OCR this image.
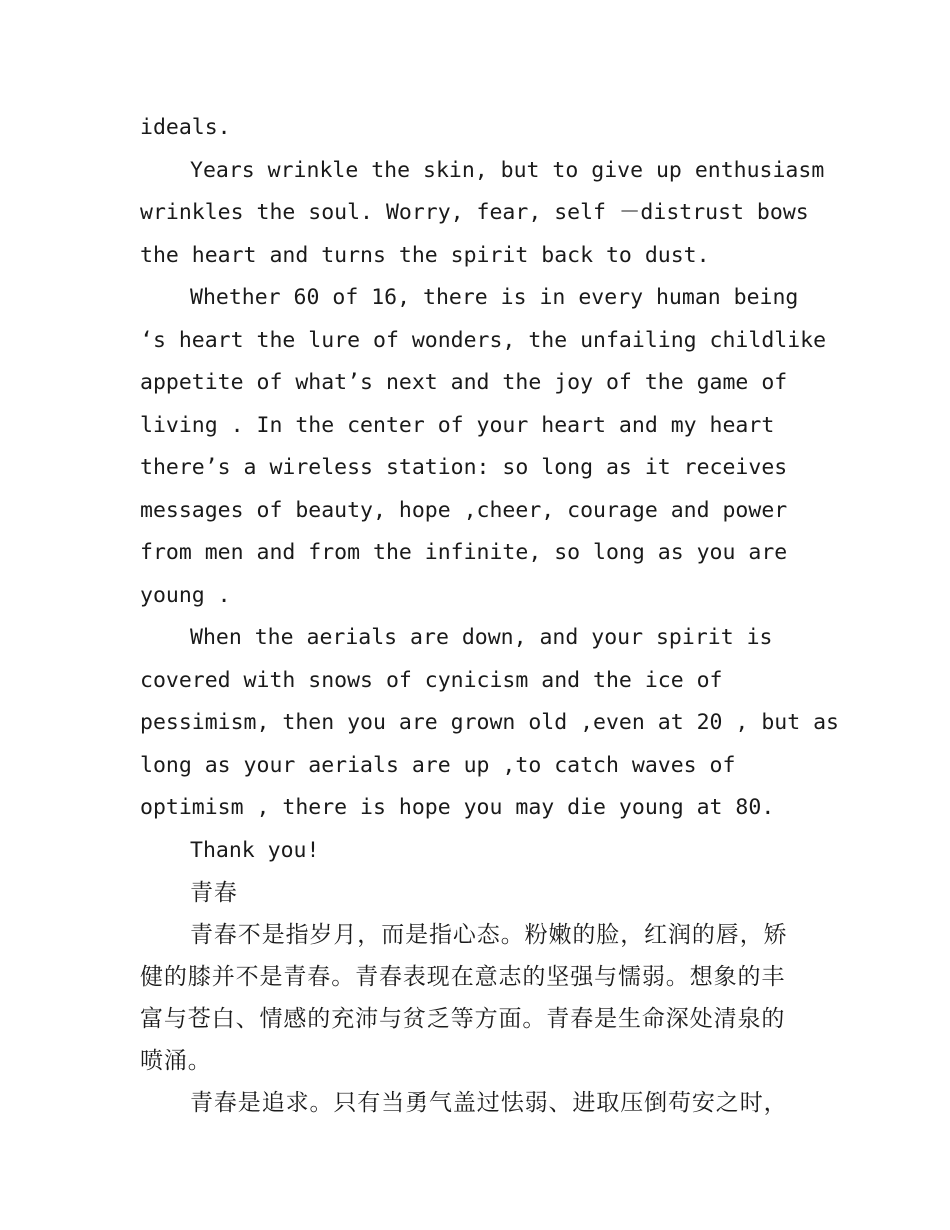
ideals.
Years wrinkle the skin, but to give up enthusiasm
wrinkles the soul. Worry, fear, self －distrust bows
the heart and turns the spirit back to dust.
Whether 60 of 16, there is in every human being
‘s heart the lure of wonders, the unfailing childlike
appetite of what’s next and the joy of the game of
living . In the center of your heart and my heart
there’s a wireless station: so long as it receives
messages of beauty, hope ,cheer, courage and power
from men and from the infinite, so long as you are
young .
When the aerials are down, and your spirit is
covered with snows of cynicism and the ice of
pessimism, then you are grown old ,even at 20 , but as
long as your aerials are up ,to catch waves of
optimism , there is hope you may die young at 80.
Thank you!
青春
青春不是指岁月，而是指心态。粉嫩的脸，红润的唇，矫
健的膝并不是青春。青春表现在意志的坚强与懦弱。想象的丰
富与苍白、情感的充沛与贫乏等方面。青春是生命深处清泉的
喷涌。
青春是追求。只有当勇气盖过怯弱、进取压倒苟安之时，
